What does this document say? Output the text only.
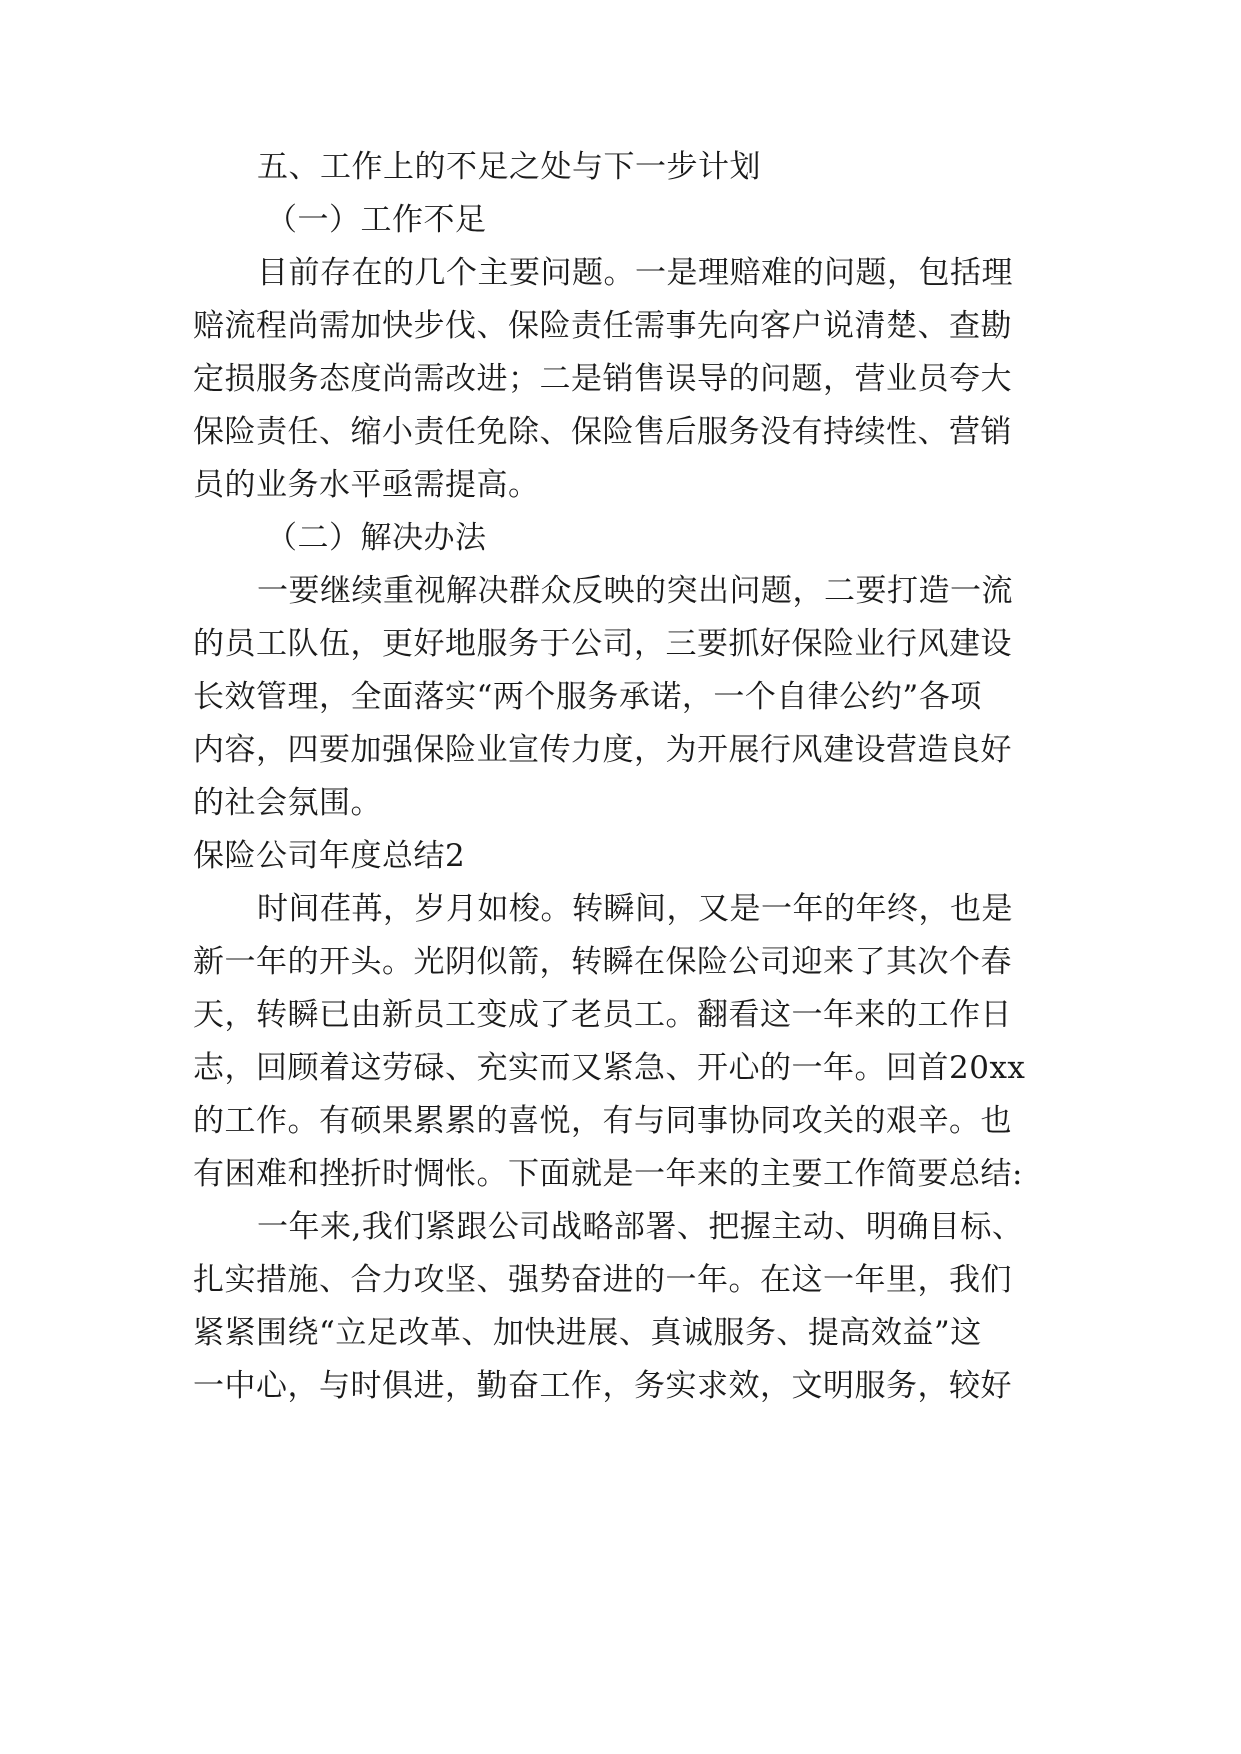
五、工作上的不足之处与下一步计划
（一）工作不足
目前存在的几个主要问题。一是理赔难的问题，包括理
赔流程尚需加快步伐、保险责任需事先向客户说清楚、查勘
定损服务态度尚需改进；二是销售误导的问题，营业员夸大
保险责任、缩小责任免除、保险售后服务没有持续性、营销
员的业务水平亟需提高。
（二）解决办法
一要继续重视解决群众反映的突出问题，二要打造一流
的员工队伍，更好地服务于公司，三要抓好保险业行风建设
长效管理，全面落实“两个服务承诺，一个自律公约”各项
内容，四要加强保险业宣传力度，为开展行风建设营造良好
的社会氛围。
保险公司年度总结2
时间荏苒，岁月如梭。转瞬间，又是一年的年终，也是
新一年的开头。光阴似箭，转瞬在保险公司迎来了其次个春
天，转瞬已由新员工变成了老员工。翻看这一年来的工作日
志，回顾着这劳碌、充实而又紧急、开心的一年。回首20xx
的工作。有硕果累累的喜悦，有与同事协同攻关的艰辛。也
有困难和挫折时惆怅。下面就是一年来的主要工作简要总结:
一年来,我们紧跟公司战略部署、把握主动、明确目标、
扎实措施、合力攻坚、强势奋进的一年。在这一年里，我们
紧紧围绕“立足改革、加快进展、真诚服务、提高效益”这
一中心，与时俱进，勤奋工作，务实求效，文明服务，较好
